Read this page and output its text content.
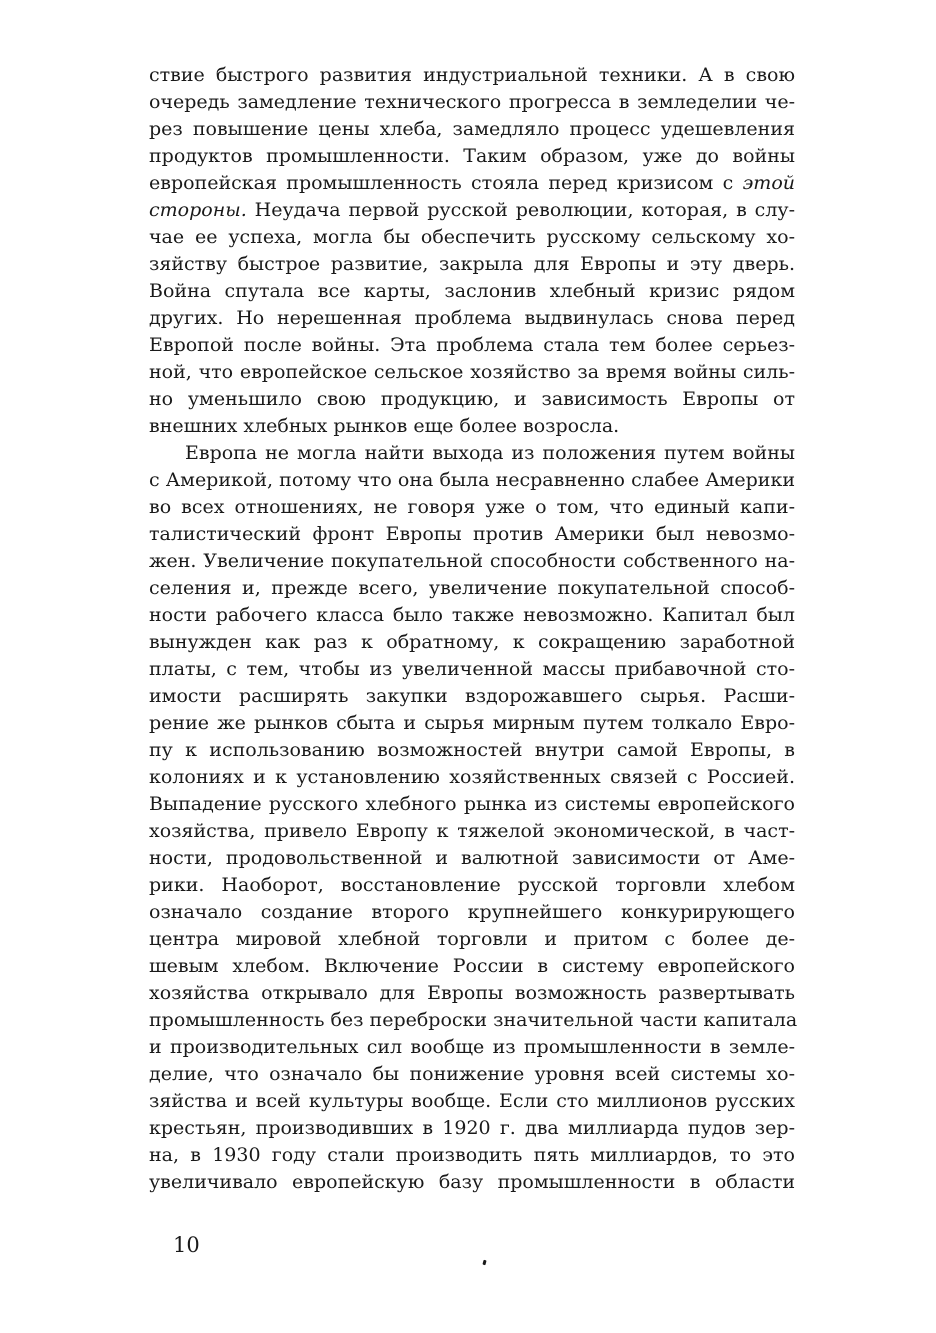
ствие быстрого развития индустриальной техники. А в свою
очередь замедление технического прогресса в земледелии че-
рез повышение цены хлеба, замедляло процесс удешевления
продуктов промышленности. Таким образом, уже до войны
европейская промышленность стояла перед кризисом с этой
стороны. Неудача первой русской революции, которая, в слу-
чае ее успеха, могла бы обеспечить русскому сельскому хо-
зяйству быстрое развитие, закрыла для Европы и эту дверь.
Война спутала все карты, заслонив хлебный кризис рядом
других. Но нерешенная проблема выдвинулась снова перед
Европой после войны. Эта проблема стала тем более серьез-
ной, что европейское сельское хозяйство за время войны силь-
но уменьшило свою продукцию, и зависимость Европы от
внешних хлебных рынков еще более возросла.
Европа не могла найти выхода из положения путем войны
с Америкой, потому что она была несравненно слабее Америки
во всех отношениях, не говоря уже о том, что единый капи-
талистический фронт Европы против Америки был невозмо-
жен. Увеличение покупательной способности собственного на-
селения и, прежде всего, увеличение покупательной способ-
ности рабочего класса было также невозможно. Капитал был
вынужден как раз к обратному, к сокращению заработной
платы, с тем, чтобы из увеличенной массы прибавочной сто-
имости расширять закупки вздорожавшего сырья. Расши-
рение же рынков сбыта и сырья мирным путем толкало Евро-
пу к использованию возможностей внутри самой Европы, в
колониях и к установлению хозяйственных связей с Россией.
Выпадение русского хлебного рынка из системы европейского
хозяйства, привело Европу к тяжелой экономической, в част-
ности, продовольственной и валютной зависимости от Аме-
рики. Наоборот, восстановление русской торговли хлебом
означало создание второго крупнейшего конкурирующего
центра мировой хлебной торговли и притом с более де-
шевым хлебом. Включение России в систему европейского
хозяйства открывало для Европы возможность развертывать
промышленность без переброски значительной части капитала
и производительных сил вообще из промышленности в земле-
делие, что означало бы понижение уровня всей системы хо-
зяйства и всей культуры вообще. Если сто миллионов русских
крестьян, производивших в 1920 г. два миллиарда пудов зер-
на, в 1930 году стали производить пять миллиардов, то это
увеличивало европейскую базу промышленности в области
10
